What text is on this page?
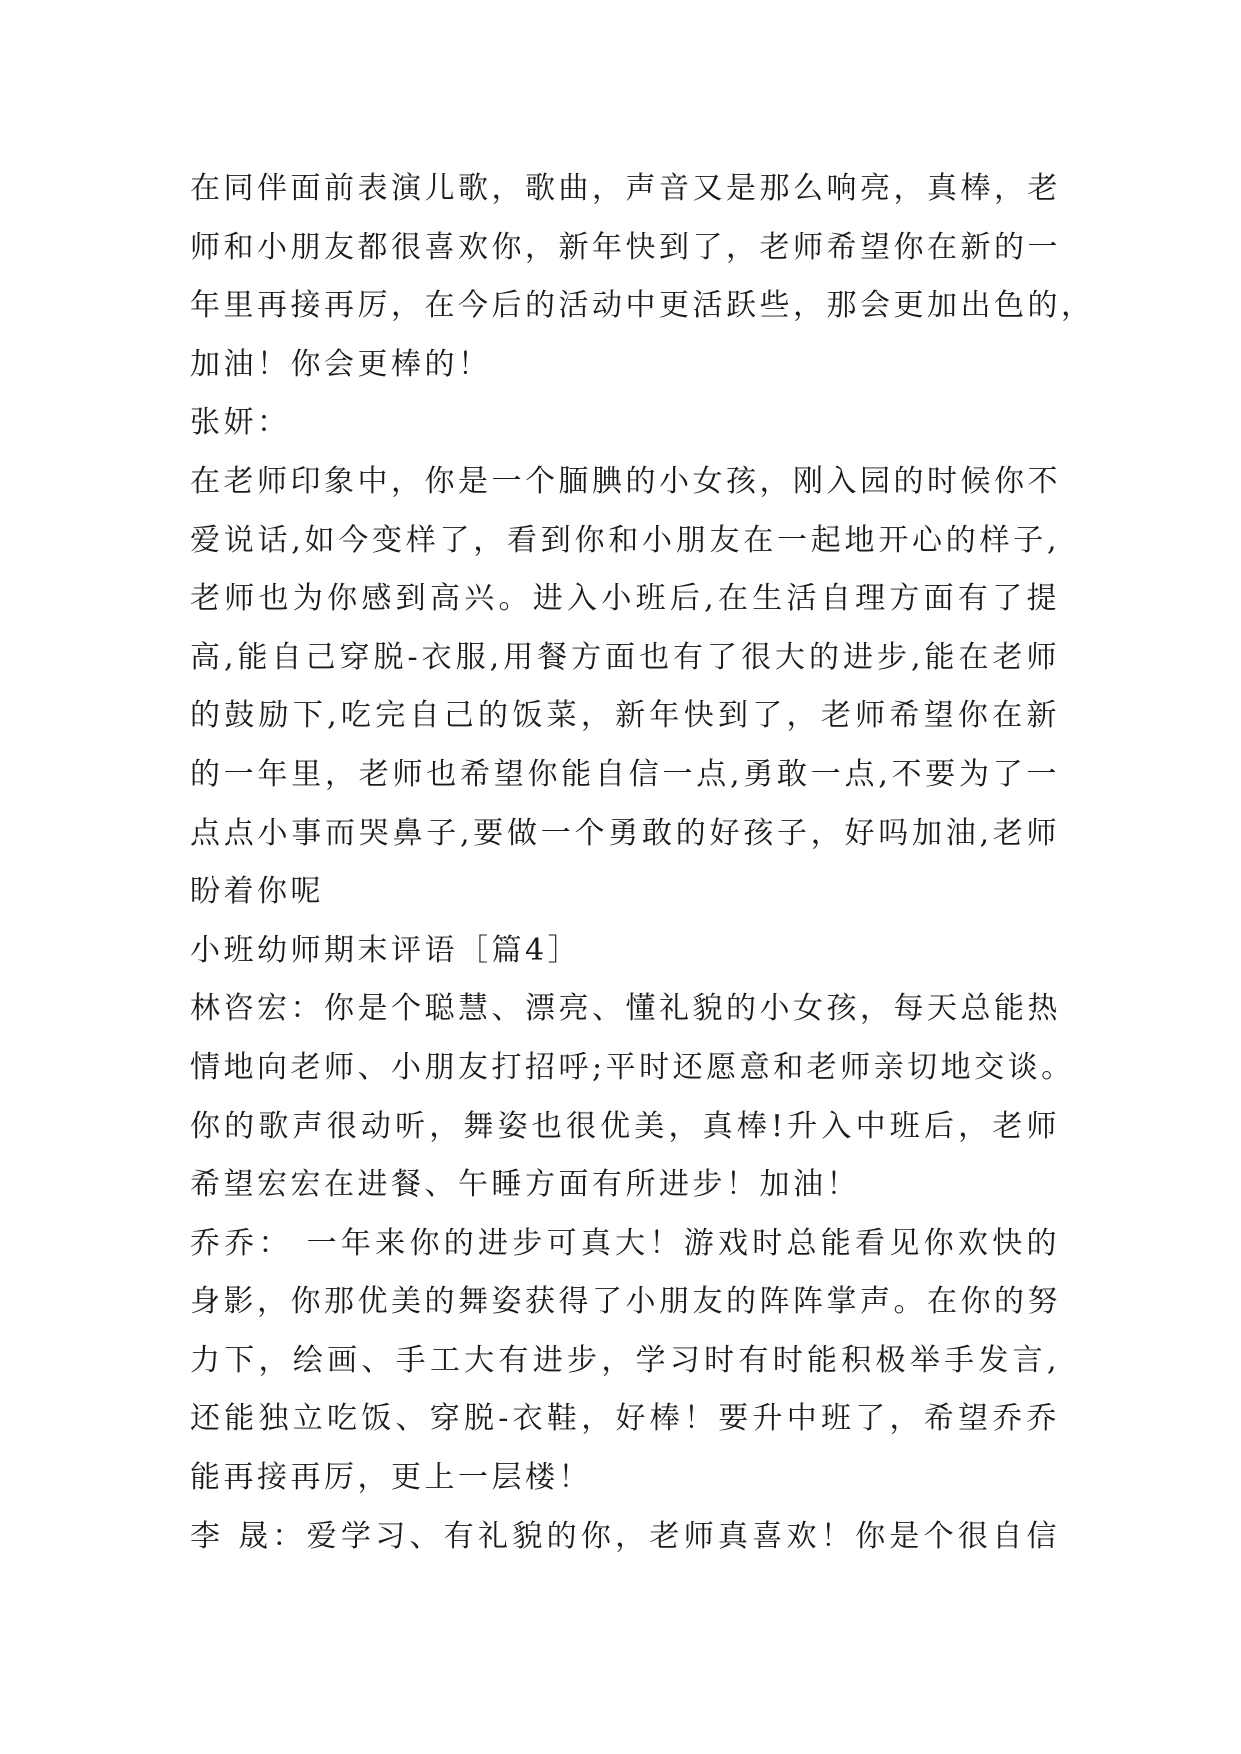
在同伴面前表演儿歌，歌曲，声音又是那么响亮，真棒，老
师和小朋友都很喜欢你，新年快到了，老师希望你在新的一
年里再接再厉，在今后的活动中更活跃些，那会更加出色的，
加油！你会更棒的！
张妍：
在老师印象中，你是一个腼腆的小女孩，刚入园的时候你不
爱说话,如今变样了，看到你和小朋友在一起地开心的样子,
老师也为你感到高兴。进入小班后,在生活自理方面有了提
高,能自己穿脱-衣服,用餐方面也有了很大的进步,能在老师
的鼓励下,吃完自己的饭菜，新年快到了，老师希望你在新
的一年里，老师也希望你能自信一点,勇敢一点,不要为了一
点点小事而哭鼻子,要做一个勇敢的好孩子，好吗加油,老师
盼着你呢
小班幼师期末评语［篇4］
林咨宏：你是个聪慧、漂亮、懂礼貌的小女孩，每天总能热
情地向老师、小朋友打招呼;平时还愿意和老师亲切地交谈。
你的歌声很动听，舞姿也很优美，真棒!升入中班后，老师
希望宏宏在进餐、午睡方面有所进步！加油！
乔乔： 一年来你的进步可真大！游戏时总能看见你欢快的
身影，你那优美的舞姿获得了小朋友的阵阵掌声。在你的努
力下，绘画、手工大有进步，学习时有时能积极举手发言,
还能独立吃饭、穿脱-衣鞋，好棒！要升中班了，希望乔乔
能再接再厉，更上一层楼！
李 晟：爱学习、有礼貌的你，老师真喜欢！你是个很自信
